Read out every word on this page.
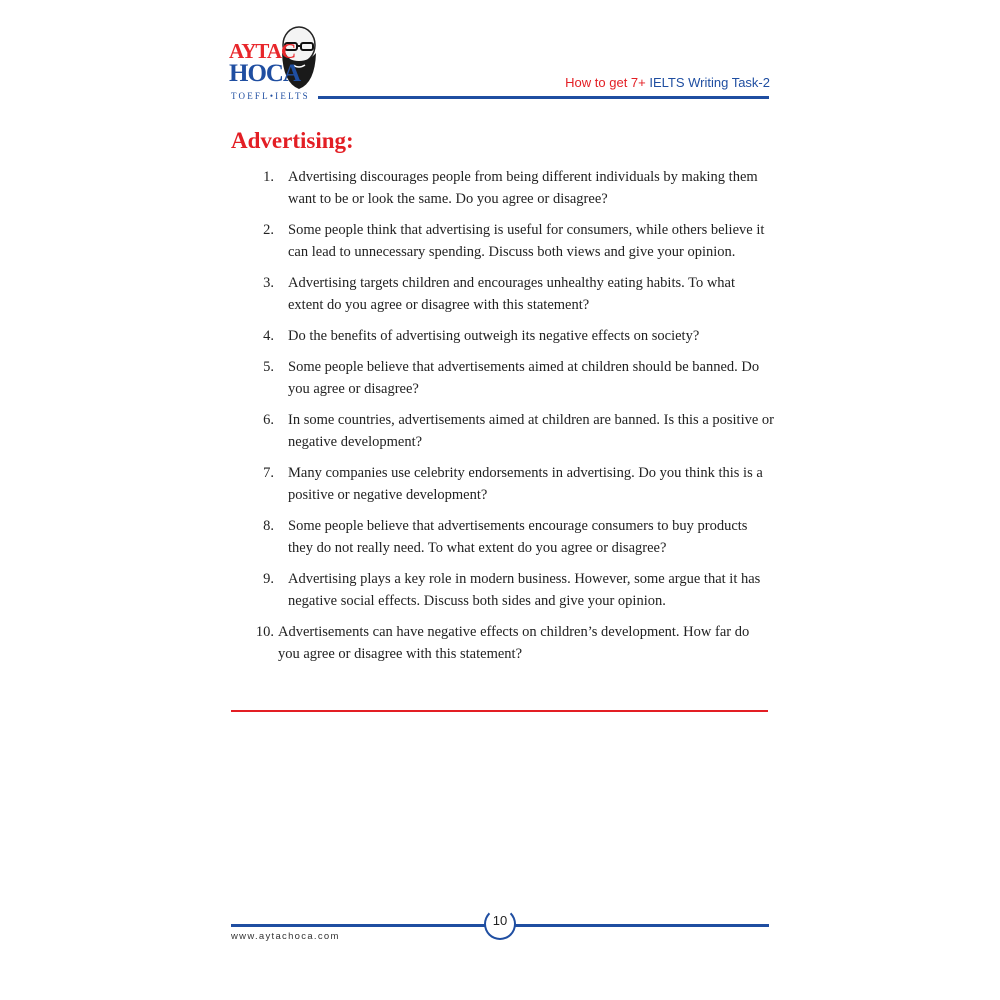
AYTAC
HOCA
TOEFL•IELTS
How to get 7+ IELTS Writing Task-2
Advertising:
1. Advertising discourages people from being different individuals by making them want to be or look the same. Do you agree or disagree?
2. Some people think that advertising is useful for consumers, while others believe it can lead to unnecessary spending. Discuss both views and give your opinion.
3. Advertising targets children and encourages unhealthy eating habits. To what extent do you agree or disagree with this statement?
4. Do the benefits of advertising outweigh its negative effects on society?
5. Some people believe that advertisements aimed at children should be banned. Do you agree or disagree?
6. In some countries, advertisements aimed at children are banned. Is this a positive or negative development?
7. Many companies use celebrity endorsements in advertising. Do you think this is a positive or negative development?
8. Some people believe that advertisements encourage consumers to buy products they do not really need. To what extent do you agree or disagree?
9. Advertising plays a key role in modern business. However, some argue that it has negative social effects. Discuss both sides and give your opinion.
10. Advertisements can have negative effects on children’s development. How far do you agree or disagree with this statement?
10
www.aytachoca.com
